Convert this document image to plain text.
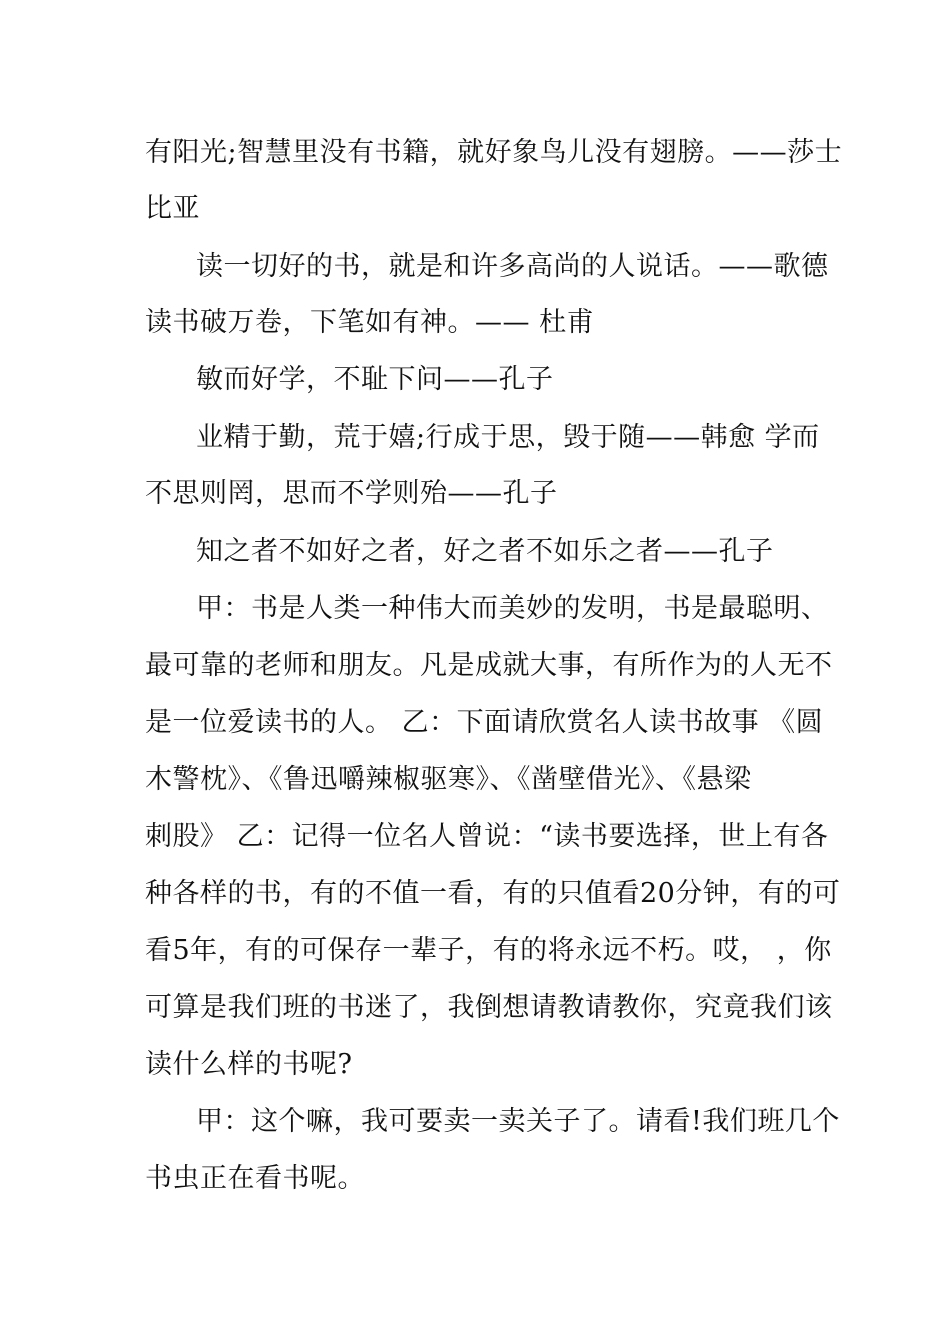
有阳光;智慧里没有书籍，就好象鸟儿没有翅膀。——莎士
比亚
读一切好的书，就是和许多高尚的人说话。——歌德
读书破万卷，下笔如有神。—— 杜甫
敏而好学，不耻下问——孔子
业精于勤，荒于嬉;行成于思，毁于随——韩愈 学而
不思则罔，思而不学则殆——孔子
知之者不如好之者，好之者不如乐之者——孔子
甲：书是人类一种伟大而美妙的发明，书是最聪明、
最可靠的老师和朋友。凡是成就大事，有所作为的人无不
是一位爱读书的人。 乙：下面请欣赏名人读书故事 《圆
木警枕》、《鲁迅嚼辣椒驱寒》、《凿壁借光》、《悬梁
刺股》 乙：记得一位名人曾说：“读书要选择，世上有各
种各样的书，有的不值一看，有的只值看20分钟，有的可
看5年，有的可保存一辈子，有的将永远不朽。哎， ，你
可算是我们班的书迷了，我倒想请教请教你，究竟我们该
读什么样的书呢?
甲：这个嘛，我可要卖一卖关子了。请看!我们班几个
书虫正在看书呢。
